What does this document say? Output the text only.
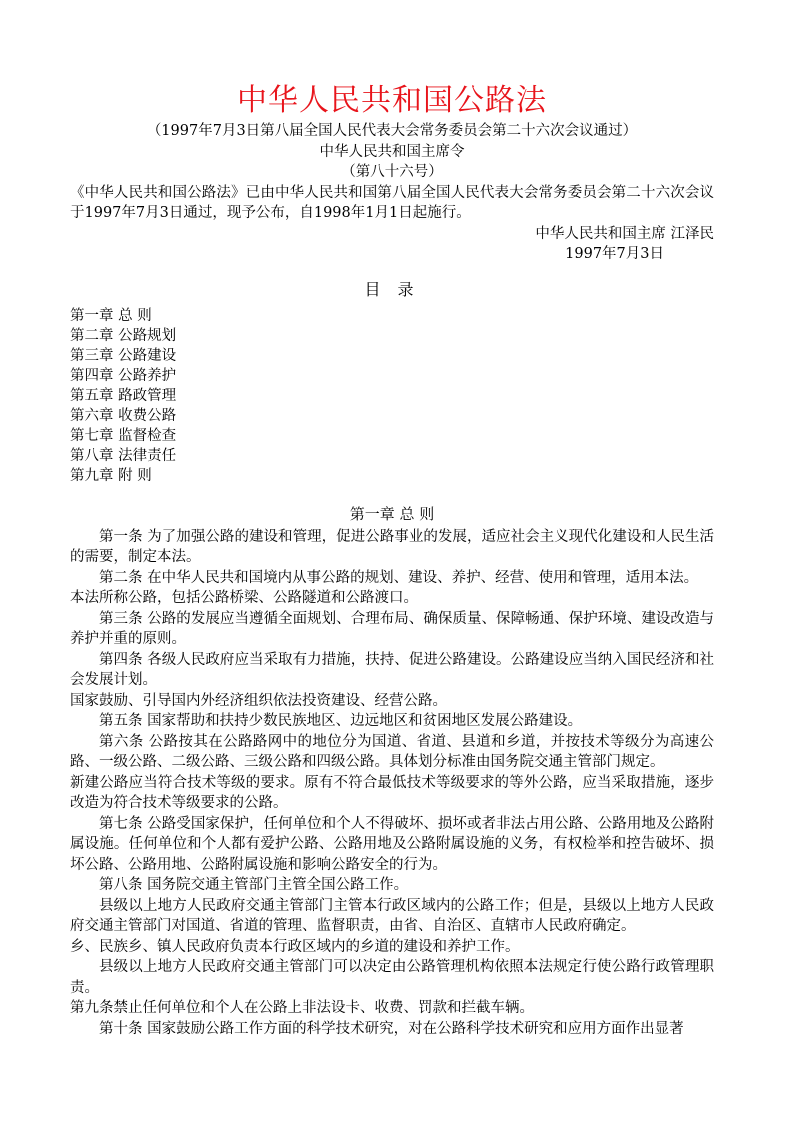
中华人民共和国公路法

（1997年7月3日第八届全国人民代表大会常务委员会第二十六次会议通过）

中华人民共和国主席令

（第八十六号）

《中华人民共和国公路法》已由中华人民共和国第八届全国人民代表大会常务委员会第二十六次会议于1997年7月3日通过，现予公布，自1998年1月1日起施行。

中华人民共和国主席 江泽民

1997年7月3日

目 录
第一章 总 则
第二章 公路规划
第三章 公路建设
第四章 公路养护
第五章 路政管理
第六章 收费公路
第七章 监督检查
第八章 法律责任
第九章 附 则
第一章 总 则

第一条 为了加强公路的建设和管理，促进公路事业的发展，适应社会主义现代化建设和人民生活的需要，制定本法。

第二条 在中华人民共和国境内从事公路的规划、建设、养护、经营、使用和管理，适用本法。

本法所称公路，包括公路桥梁、公路隧道和公路渡口。

第三条 公路的发展应当遵循全面规划、合理布局、确保质量、保障畅通、保护环境、建设改造与养护并重的原则。

第四条 各级人民政府应当采取有力措施，扶持、促进公路建设。公路建设应当纳入国民经济和社会发展计划。

国家鼓励、引导国内外经济组织依法投资建设、经营公路。

第五条 国家帮助和扶持少数民族地区、边远地区和贫困地区发展公路建设。

第六条 公路按其在公路路网中的地位分为国道、省道、县道和乡道，并按技术等级分为高速公路、一级公路、二级公路、三级公路和四级公路。具体划分标准由国务院交通主管部门规定。

新建公路应当符合技术等级的要求。原有不符合最低技术等级要求的等外公路，应当采取措施，逐步改造为符合技术等级要求的公路。

第七条 公路受国家保护，任何单位和个人不得破坏、损坏或者非法占用公路、公路用地及公路附属设施。任何单位和个人都有爱护公路、公路用地及公路附属设施的义务，有权检举和控告破坏、损坏公路、公路用地、公路附属设施和影响公路安全的行为。

第八条 国务院交通主管部门主管全国公路工作。

县级以上地方人民政府交通主管部门主管本行政区域内的公路工作；但是，县级以上地方人民政府交通主管部门对国道、省道的管理、监督职责，由省、自治区、直辖市人民政府确定。

乡、民族乡、镇人民政府负责本行政区域内的乡道的建设和养护工作。

县级以上地方人民政府交通主管部门可以决定由公路管理机构依照本法规定行使公路行政管理职责。

第九条禁止任何单位和个人在公路上非法设卡、收费、罚款和拦截车辆。

第十条 国家鼓励公路工作方面的科学技术研究，对在公路科学技术研究和应用方面作出显著
